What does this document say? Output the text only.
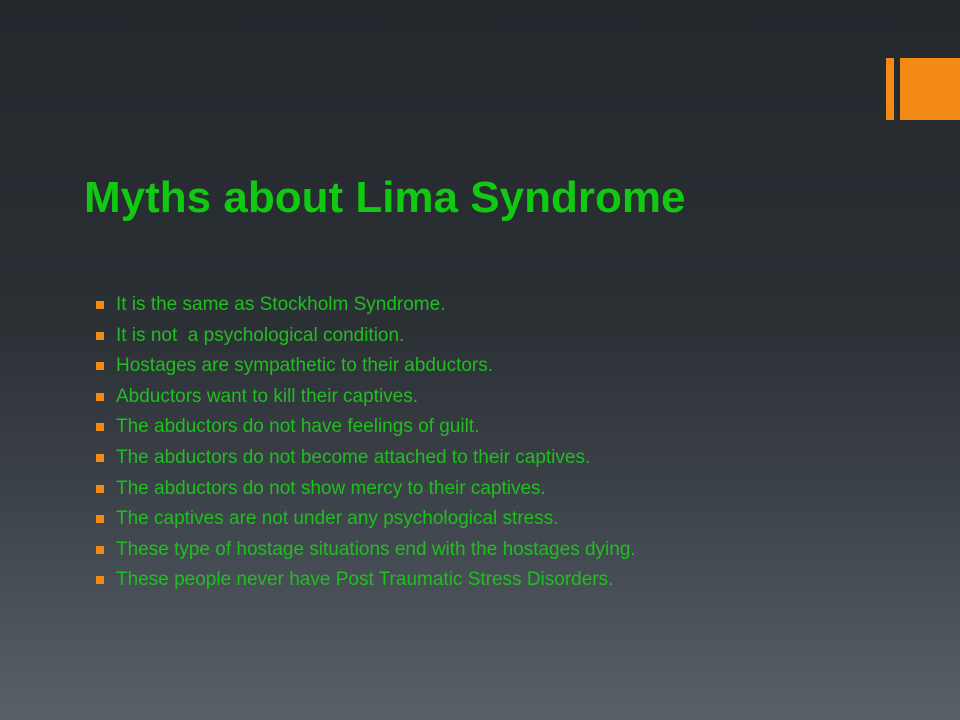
Myths about Lima Syndrome
It is the same as Stockholm Syndrome.
It is not  a psychological condition.
Hostages are sympathetic to their abductors.
Abductors want to kill their captives.
The abductors do not have feelings of guilt.
The abductors do not become attached to their captives.
The abductors do not show mercy to their captives.
The captives are not under any psychological stress.
These type of hostage situations end with the hostages dying.
These people never have Post Traumatic Stress Disorders.
